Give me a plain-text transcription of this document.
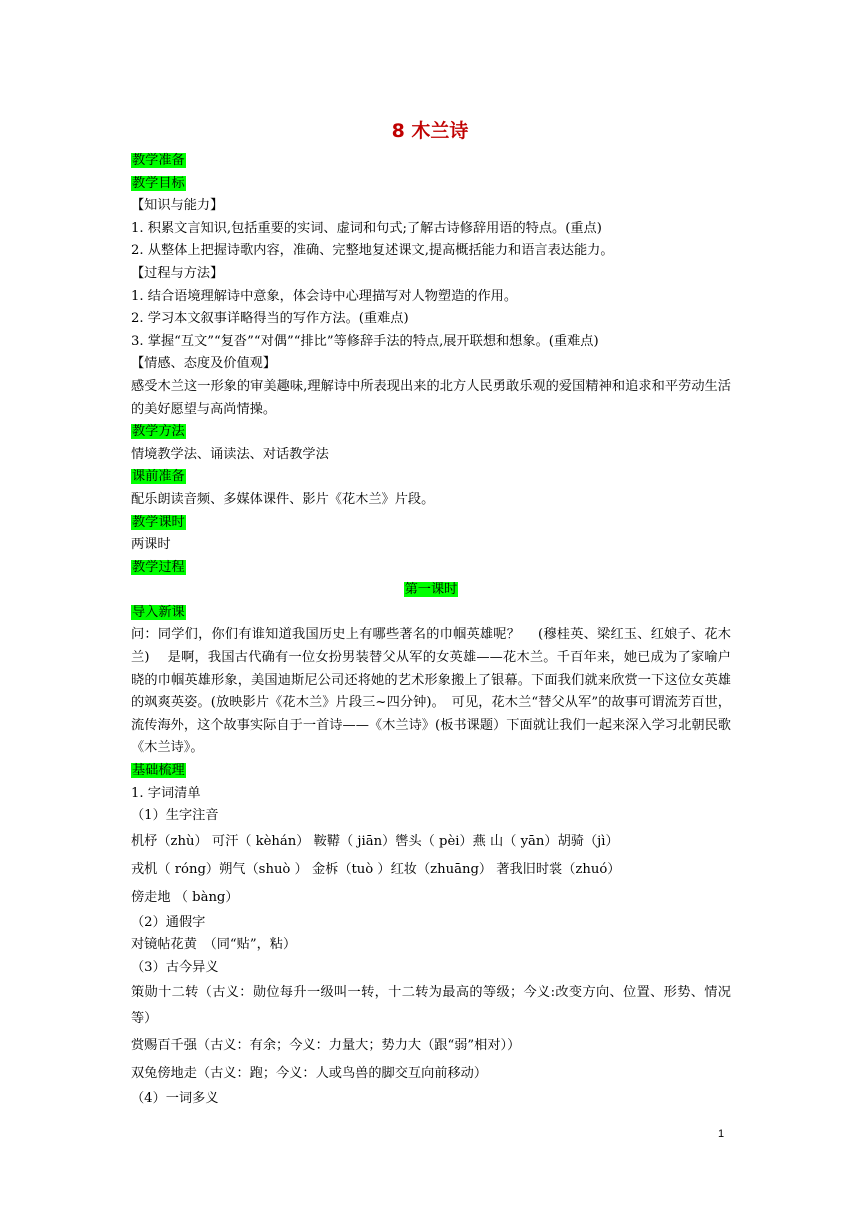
8 木兰诗
教学准备
教学目标
【知识与能力】
1. 积累文言知识,包括重要的实词、虚词和句式;了解古诗修辞用语的特点。(重点)
2. 从整体上把握诗歌内容，准确、完整地复述课文,提高概括能力和语言表达能力。
【过程与方法】
1. 结合语境理解诗中意象，体会诗中心理描写对人物塑造的作用。
2. 学习本文叙事详略得当的写作方法。(重难点)
3. 掌握“互文”“复沓”“对偶”“排比”等修辞手法的特点,展开联想和想象。(重难点)
【情感、态度及价值观】
感受木兰这一形象的审美趣味,理解诗中所表现出来的北方人民勇敢乐观的爱国精神和追求和平劳动生活的美好愿望与高尚情操。
教学方法
情境教学法、诵读法、对话教学法
课前准备
配乐朗读音频、多媒体课件、影片《花木兰》片段。
教学课时
两课时
教学过程
第一课时
导入新课
问：同学们，你们有谁知道我国历史上有哪些著名的巾帼英雄呢？　 (穆桂英、梁红玉、红娘子、花木兰)　 是啊，我国古代确有一位女扮男装替父从军的女英雄——花木兰。千百年来，她已成为了家喻户晓的巾帼英雄形象，美国迪斯尼公司还将她的艺术形象搬上了银幕。下面我们就来欣赏一下这位女英雄的飒爽英姿。(放映影片《花木兰》片段三~四分钟)。　可见，花木兰“替父从军”的故事可谓流芳百世，流传海外，这个故事实际自于一首诗——《木兰诗》(板书课题）下面就让我们一起来深入学习北朝民歌《木兰诗》。
基础梳理
1. 字词清单
（1）生字注音
机杼（zhù） 可汗（ kèhán） 鞍鞯（ jiān）辔头（ pèi）燕 山（ yān）胡骑（jì）
戎机（ róng）朔气（shuò ） 金柝（tuò ）红妆（zhuāng） 著我旧时裳（zhuó）
傍走地 （ bàng）
（2）通假字
对镜帖花黄　（同“贴”，粘）
（3）古今异义
策勋十二转（古义：勋位每升一级叫一转，十二转为最高的等级；今义:改变方向、位置、形势、情况等）
赏赐百千强（古义：有余；今义：力量大；势力大（跟“弱”相对））
双兔傍地走（古义：跑；今义：人或鸟兽的脚交互向前移动）
（4）一词多义
1
